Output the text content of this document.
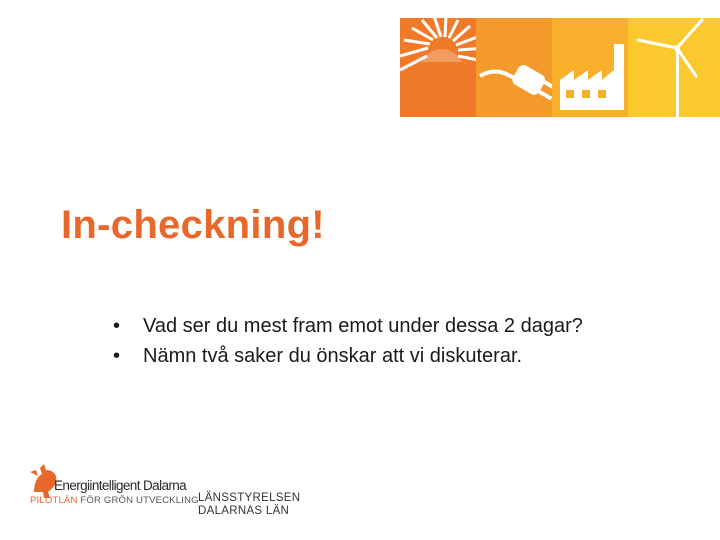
In-checkning!
•	Vad ser du mest fram emot under dessa 2 dagar?
•	Nämn två saker du önskar att vi diskuterar.
Energiintelligent Dalarna
PILOTLÄN FÖR GRÖN UTVECKLING LÄNSSTYRELSEN
DALARNAS LÄN
